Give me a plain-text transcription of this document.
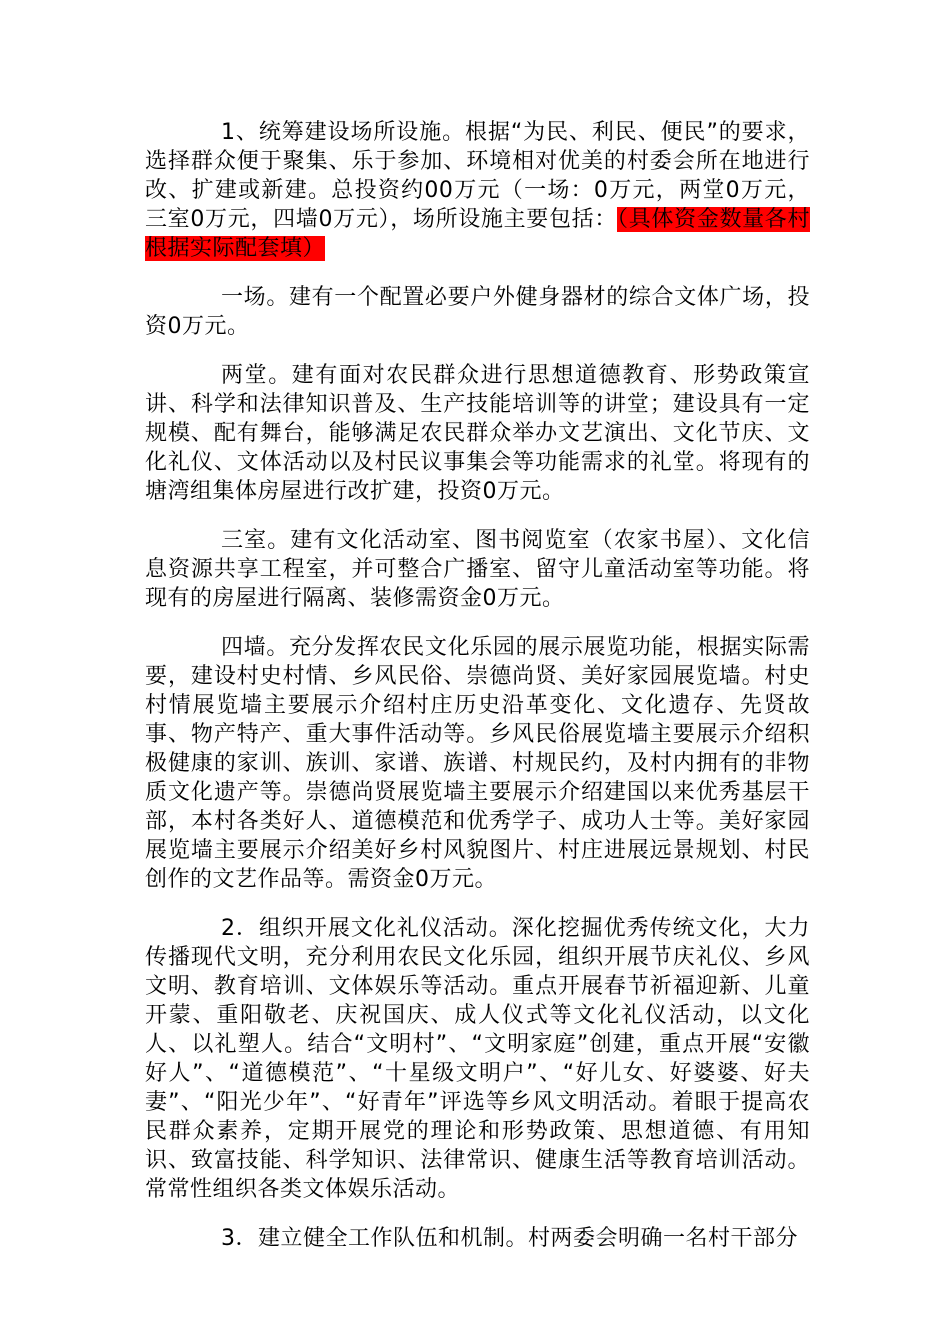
1、统筹建设场所设施。根据“为民、利民、便民”的要求，选择群众便于聚集、乐于参加、环境相对优美的村委会所在地进行改、扩建或新建。总投资约00万元（一场：0万元，两堂0万元，三室0万元，四墙0万元），场所设施主要包括：（具体资金数量各村根据实际配套填）

一场。建有一个配置必要户外健身器材的综合文体广场，投资0万元。

两堂。建有面对农民群众进行思想道德教育、形势政策宣讲、科学和法律知识普及、生产技能培训等的讲堂；建设具有一定规模、配有舞台，能够满足农民群众举办文艺演出、文化节庆、文化礼仪、文体活动以及村民议事集会等功能需求的礼堂。将现有的塘湾组集体房屋进行改扩建，投资0万元。

三室。建有文化活动室、图书阅览室（农家书屋）、文化信息资源共享工程室，并可整合广播室、留守儿童活动室等功能。将现有的房屋进行隔离、装修需资金0万元。

四墙。充分发挥农民文化乐园的展示展览功能，根据实际需要，建设村史村情、乡风民俗、崇德尚贤、美好家园展览墙。村史村情展览墙主要展示介绍村庄历史沿革变化、文化遗存、先贤故事、物产特产、重大事件活动等。乡风民俗展览墙主要展示介绍积极健康的家训、族训、家谱、族谱、村规民约，及村内拥有的非物质文化遗产等。崇德尚贤展览墙主要展示介绍建国以来优秀基层干部，本村各类好人、道德模范和优秀学子、成功人士等。美好家园展览墙主要展示介绍美好乡村风貌图片、村庄进展远景规划、村民创作的文艺作品等。需资金0万元。

2．组织开展文化礼仪活动。深化挖掘优秀传统文化，大力传播现代文明，充分利用农民文化乐园，组织开展节庆礼仪、乡风文明、教育培训、文体娱乐等活动。重点开展春节祈福迎新、儿童开蒙、重阳敬老、庆祝国庆、成人仪式等文化礼仪活动，以文化人、以礼塑人。结合“文明村”、“文明家庭”创建，重点开展“安徽好人”、“道德模范”、“十星级文明户”、“好儿女、好婆婆、好夫妻”、“阳光少年”、“好青年”评选等乡风文明活动。着眼于提高农民群众素养，定期开展党的理论和形势政策、思想道德、有用知识、致富技能、科学知识、法律常识、健康生活等教育培训活动。常常性组织各类文体娱乐活动。

3．建立健全工作队伍和机制。村两委会明确一名村干部分
